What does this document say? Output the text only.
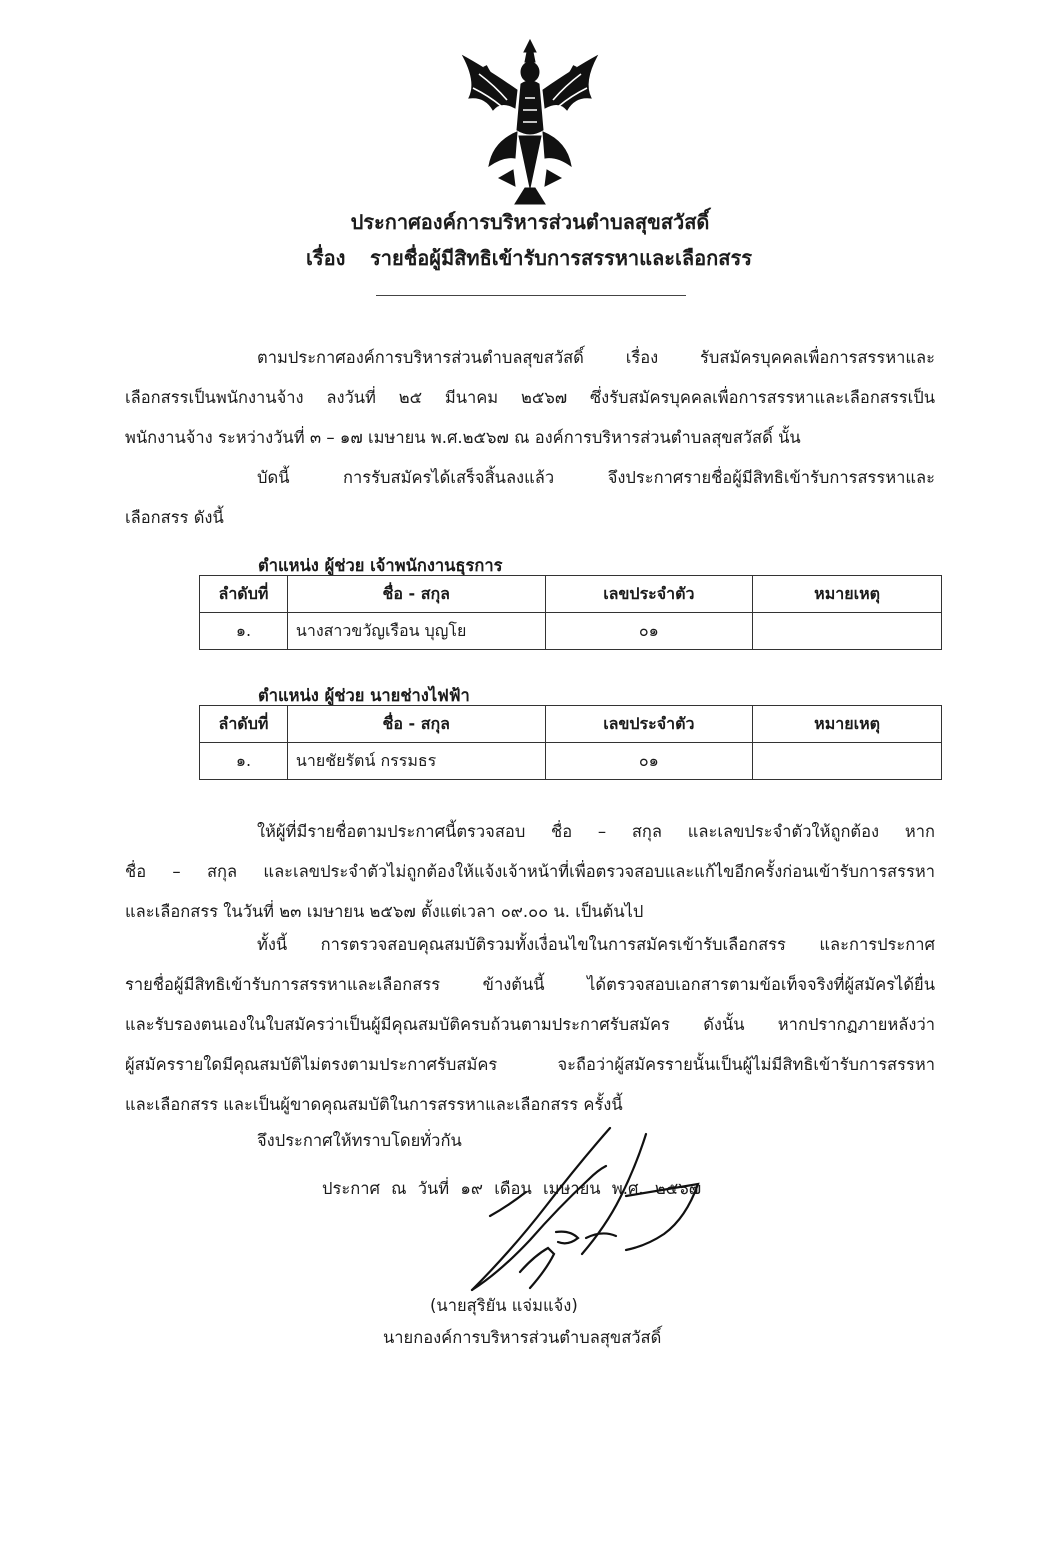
ประกาศองค์การบริหารส่วนตำบลสุขสวัสดิ์
เรื่อง รายชื่อผู้มีสิทธิเข้ารับการสรรหาและเลือกสรร
ตามประกาศองค์การบริหารส่วนตำบลสุขสวัสดิ์ เรื่อง รับสมัครบุคคลเพื่อการสรรหาและ
เลือกสรรเป็นพนักงานจ้าง ลงวันที่ ๒๕ มีนาคม ๒๕๖๗ ซึ่งรับสมัครบุคคลเพื่อการสรรหาและเลือกสรรเป็น
พนักงานจ้าง ระหว่างวันที่ ๓ – ๑๗ เมษายน พ.ศ.๒๕๖๗ ณ องค์การบริหารส่วนตำบลสุขสวัสดิ์ นั้น
บัดนี้ การรับสมัครได้เสร็จสิ้นลงแล้ว จึงประกาศรายชื่อผู้มีสิทธิเข้ารับการสรรหาและ
เลือกสรร ดังนี้
ตำแหน่ง ผู้ช่วย เจ้าพนักงานธุรการ
ลำดับที่	ชื่อ - สกุล	เลขประจำตัว	หมายเหตุ
๑.	นางสาวขวัญเรือน บุญโย	๐๑	
ตำแหน่ง ผู้ช่วย นายช่างไฟฟ้า
ลำดับที่	ชื่อ - สกุล	เลขประจำตัว	หมายเหตุ
๑.	นายชัยรัตน์ กรรมธร	๐๑	
ให้ผู้ที่มีรายชื่อตามประกาศนี้ตรวจสอบ ชื่อ – สกุล และเลขประจำตัวให้ถูกต้อง หาก
ชื่อ – สกุล และเลขประจำตัวไม่ถูกต้องให้แจ้งเจ้าหน้าที่เพื่อตรวจสอบและแก้ไขอีกครั้งก่อนเข้ารับการสรรหา
และเลือกสรร ในวันที่ ๒๓ เมษายน ๒๕๖๗ ตั้งแต่เวลา ๐๙.๐๐ น. เป็นต้นไป
ทั้งนี้ การตรวจสอบคุณสมบัติรวมทั้งเงื่อนไขในการสมัครเข้ารับเลือกสรร และการประกาศ
รายชื่อผู้มีสิทธิเข้ารับการสรรหาและเลือกสรร ข้างต้นนี้ ได้ตรวจสอบเอกสารตามข้อเท็จจริงที่ผู้สมัครได้ยื่น
และรับรองตนเองในใบสมัครว่าเป็นผู้มีคุณสมบัติครบถ้วนตามประกาศรับสมัคร ดังนั้น หากปรากฏภายหลังว่า
ผู้สมัครรายใดมีคุณสมบัติไม่ตรงตามประกาศรับสมัคร จะถือว่าผู้สมัครรายนั้นเป็นผู้ไม่มีสิทธิเข้ารับการสรรหา
และเลือกสรร และเป็นผู้ขาดคุณสมบัติในการสรรหาและเลือกสรร ครั้งนี้
จึงประกาศให้ทราบโดยทั่วกัน
ประกาศ ณ วันที่ ๑๙ เดือน เมษายน พ.ศ. ๒๕๖๗
(นายสุริยัน แจ่มแจ้ง)
นายกองค์การบริหารส่วนตำบลสุขสวัสดิ์
